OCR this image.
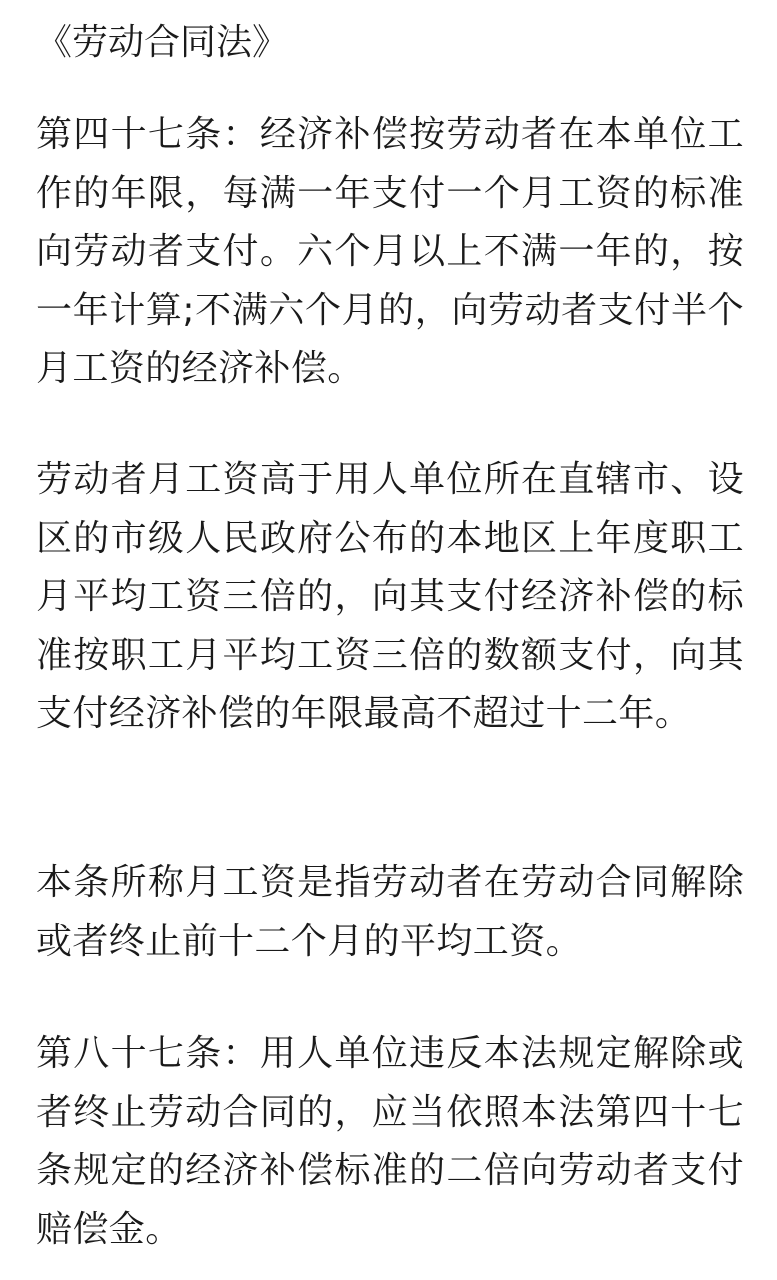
《劳动合同法》

第四十七条：经济补偿按劳动者在本单位工作的年限，每满一年支付一个月工资的标准向劳动者支付。六个月以上不满一年的，按一年计算;不满六个月的，向劳动者支付半个月工资的经济补偿。

劳动者月工资高于用人单位所在直辖市、设区的市级人民政府公布的本地区上年度职工月平均工资三倍的，向其支付经济补偿的标准按职工月平均工资三倍的数额支付，向其支付经济补偿的年限最高不超过十二年。

本条所称月工资是指劳动者在劳动合同解除或者终止前十二个月的平均工资。

第八十七条：用人单位违反本法规定解除或者终止劳动合同的，应当依照本法第四十七条规定的经济补偿标准的二倍向劳动者支付赔偿金。
